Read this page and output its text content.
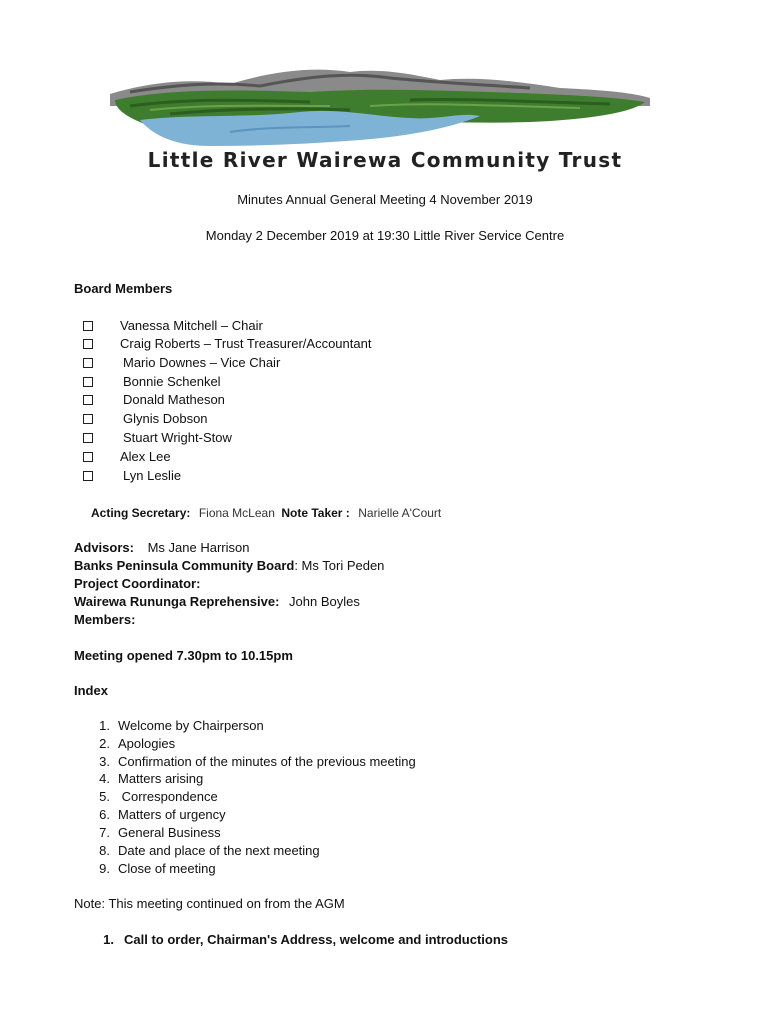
Little River Wairewa Community Trust
Minutes Annual General Meeting 4 November 2019
Monday 2 December 2019 at 19:30 Little River Service Centre
Board Members
Vanessa Mitchell – Chair
Craig Roberts – Trust Treasurer/Accountant
Mario Downes – Vice Chair
Bonnie Schenkel
Donald Matheson
Glynis Dobson
Stuart Wright-Stow
Alex Lee
Lyn Leslie
Acting Secretary: Fiona McLean Note Taker : Narielle A'Court
Advisors: Ms Jane Harrison
Banks Peninsula Community Board: Ms Tori Peden
Project Coordinator:
Wairewa Rununga Reprehensive: John Boyles
Members:
Meeting opened 7.30pm to 10.15pm
Index
1. Welcome by Chairperson
2. Apologies
3. Confirmation of the minutes of the previous meeting
4. Matters arising
5. Correspondence
6. Matters of urgency
7. General Business
8. Date and place of the next meeting
9. Close of meeting
Note: This meeting continued on from the AGM
1. Call to order, Chairman's Address, welcome and introductions
